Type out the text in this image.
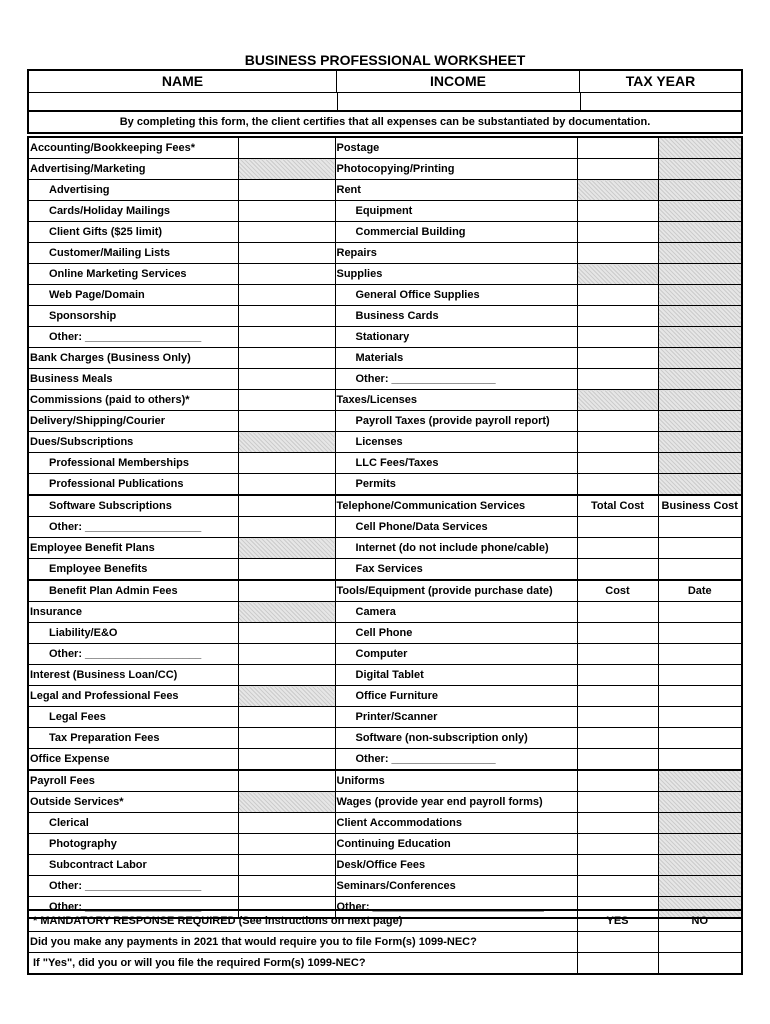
BUSINESS PROFESSIONAL WORKSHEET
NAME	INCOME	TAX YEAR
By completing this form, the client certifies that all expenses can be substantiated by documentation.
Accounting/Bookkeeping Fees*		Postage		
Advertising/Marketing		Photocopying/Printing		
Advertising		Rent		
Cards/Holiday Mailings		Equipment		
Client Gifts ($25 limit)		Commercial Building		
Customer/Mailing Lists		Repairs		
Online Marketing Services		Supplies		
Web Page/Domain		General Office Supplies		
Sponsorship		Business Cards		
Other: ___________________		Stationary		
Bank Charges (Business Only)		Materials		
Business Meals		Other: _________________		
Commissions (paid to others)*		Taxes/Licenses		
Delivery/Shipping/Courier		Payroll Taxes (provide payroll report)		
Dues/Subscriptions		Licenses		
Professional Memberships		LLC Fees/Taxes		
Professional Publications		Permits		
Software Subscriptions		Telephone/Communication Services	Total Cost	Business Cost
Other: ___________________		Cell Phone/Data Services		
Employee Benefit Plans		Internet (do not include phone/cable)		
Employee Benefits		Fax Services		
Benefit Plan Admin Fees		Tools/Equipment (provide purchase date)	Cost	Date
Insurance		Camera		
Liability/E&O		Cell Phone		
Other: ___________________		Computer		
Interest (Business Loan/CC)		Digital Tablet		
Legal and Professional Fees		Office Furniture		
Legal Fees		Printer/Scanner		
Tax Preparation Fees		Software (non-subscription only)		
Office Expense		Other: _________________		
Payroll Fees		Uniforms		
Outside Services*		Wages (provide year end payroll forms)		
Clerical		Client Accommodations		
Photography		Continuing Education		
Subcontract Labor		Desk/Office Fees		
Other: ___________________		Seminars/Conferences		
Other: ___________________		Other: ____________________________		
* MANDATORY RESPONSE REQUIRED (See instructions on next page)	YES	NO
Did you make any payments in 2021 that would require you to file Form(s) 1099-NEC?		
If "Yes", did you or will you file the required Form(s) 1099-NEC?		
